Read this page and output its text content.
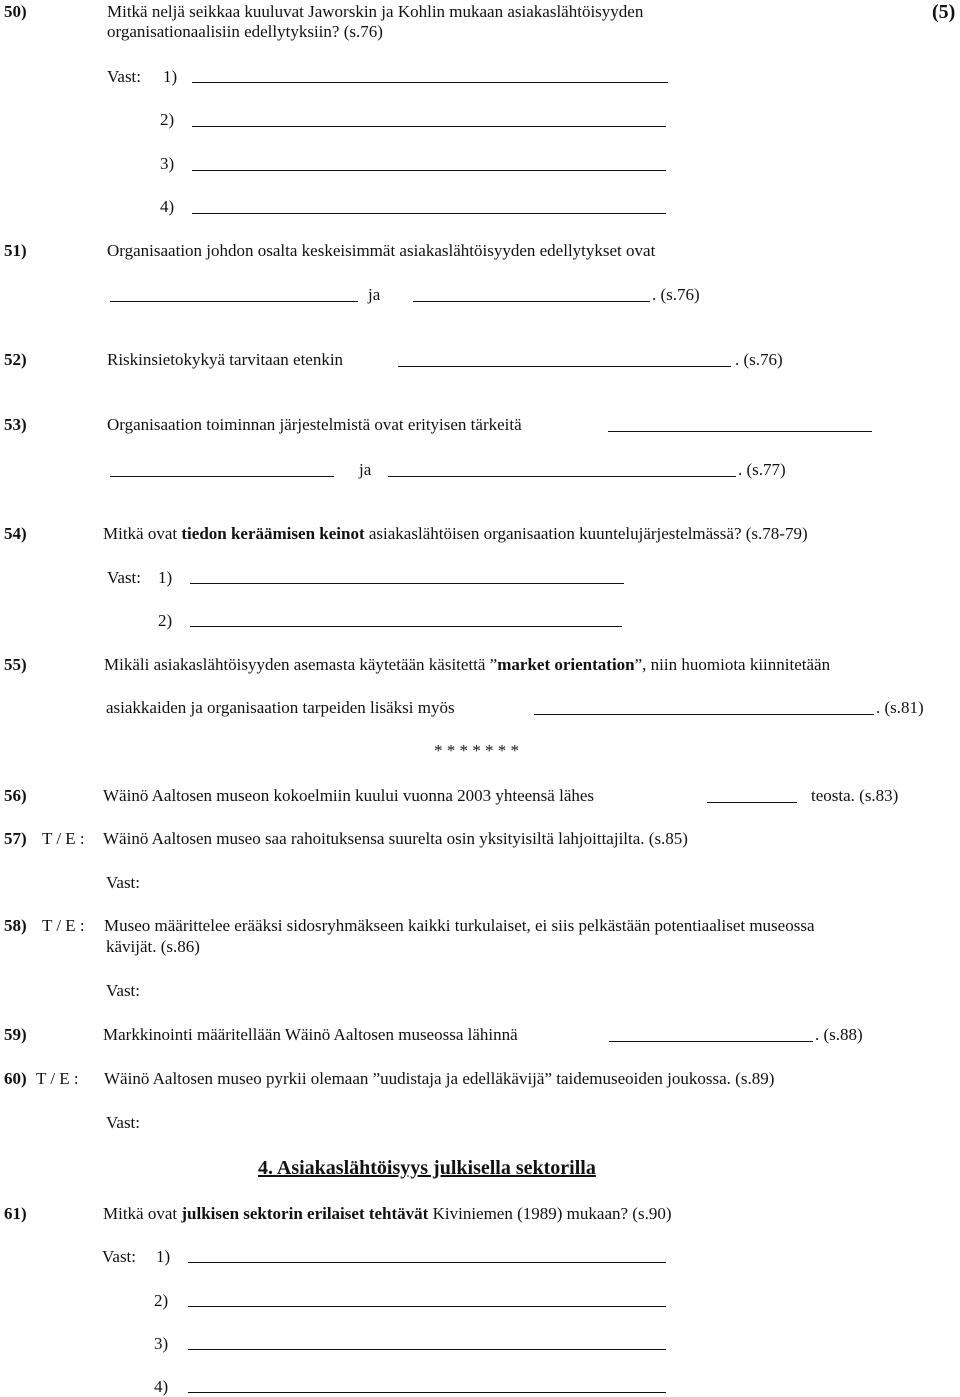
(5)
50)	Mitkä neljä seikkaa kuuluvat Jaworskin ja Kohlin mukaan asiakaslähtöisyyden
organisationaalisiin edellytyksiin? (s.76)
Vast: 1)
2)
3)
4)
51)	Organisaation johdon osalta keskeisimmät asiakaslähtöisyyden edellytykset ovat
ja	. (s.76)
52)	Riskinsietokykyä tarvitaan etenkin	. (s.76)
53)	Organisaation toiminnan järjestelmistä ovat erityisen tärkeitä
ja	. (s.77)
54)	Mitkä ovat tiedon keräämisen keinot asiakaslähtöisen organisaation kuuntelujärjestelmässä? (s.78-79)
Vast: 1)
2)
55)	Mikäli asiakaslähtöisyyden asemasta käytetään käsitettä ”market orientation”, niin huomiota kiinnitetään
asiakkaiden ja organisaation tarpeiden lisäksi myös	. (s.81)
* * * * * * *
56)	Wäinö Aaltosen museon kokoelmiin kuului vuonna 2003 yhteensä lähes	teosta. (s.83)
57) T / E : Wäinö Aaltosen museo saa rahoituksensa suurelta osin yksityisiltä lahjoittajilta. (s.85)
Vast:
58) T / E : Museo määrittelee erääksi sidosryhmäkseen kaikki turkulaiset, ei siis pelkästään potentiaaliset museossa
kävijät. (s.86)
Vast:
59)	Markkinointi määritellään Wäinö Aaltosen museossa lähinnä	. (s.88)
60) T / E : Wäinö Aaltosen museo pyrkii olemaan ”uudistaja ja edelläkävijä” taidemuseoiden joukossa. (s.89)
Vast:
4. Asiakaslähtöisyys julkisella sektorilla
61)	Mitkä ovat julkisen sektorin erilaiset tehtävät Kiviniemen (1989) mukaan? (s.90)
Vast: 1)
2)
3)
4)
